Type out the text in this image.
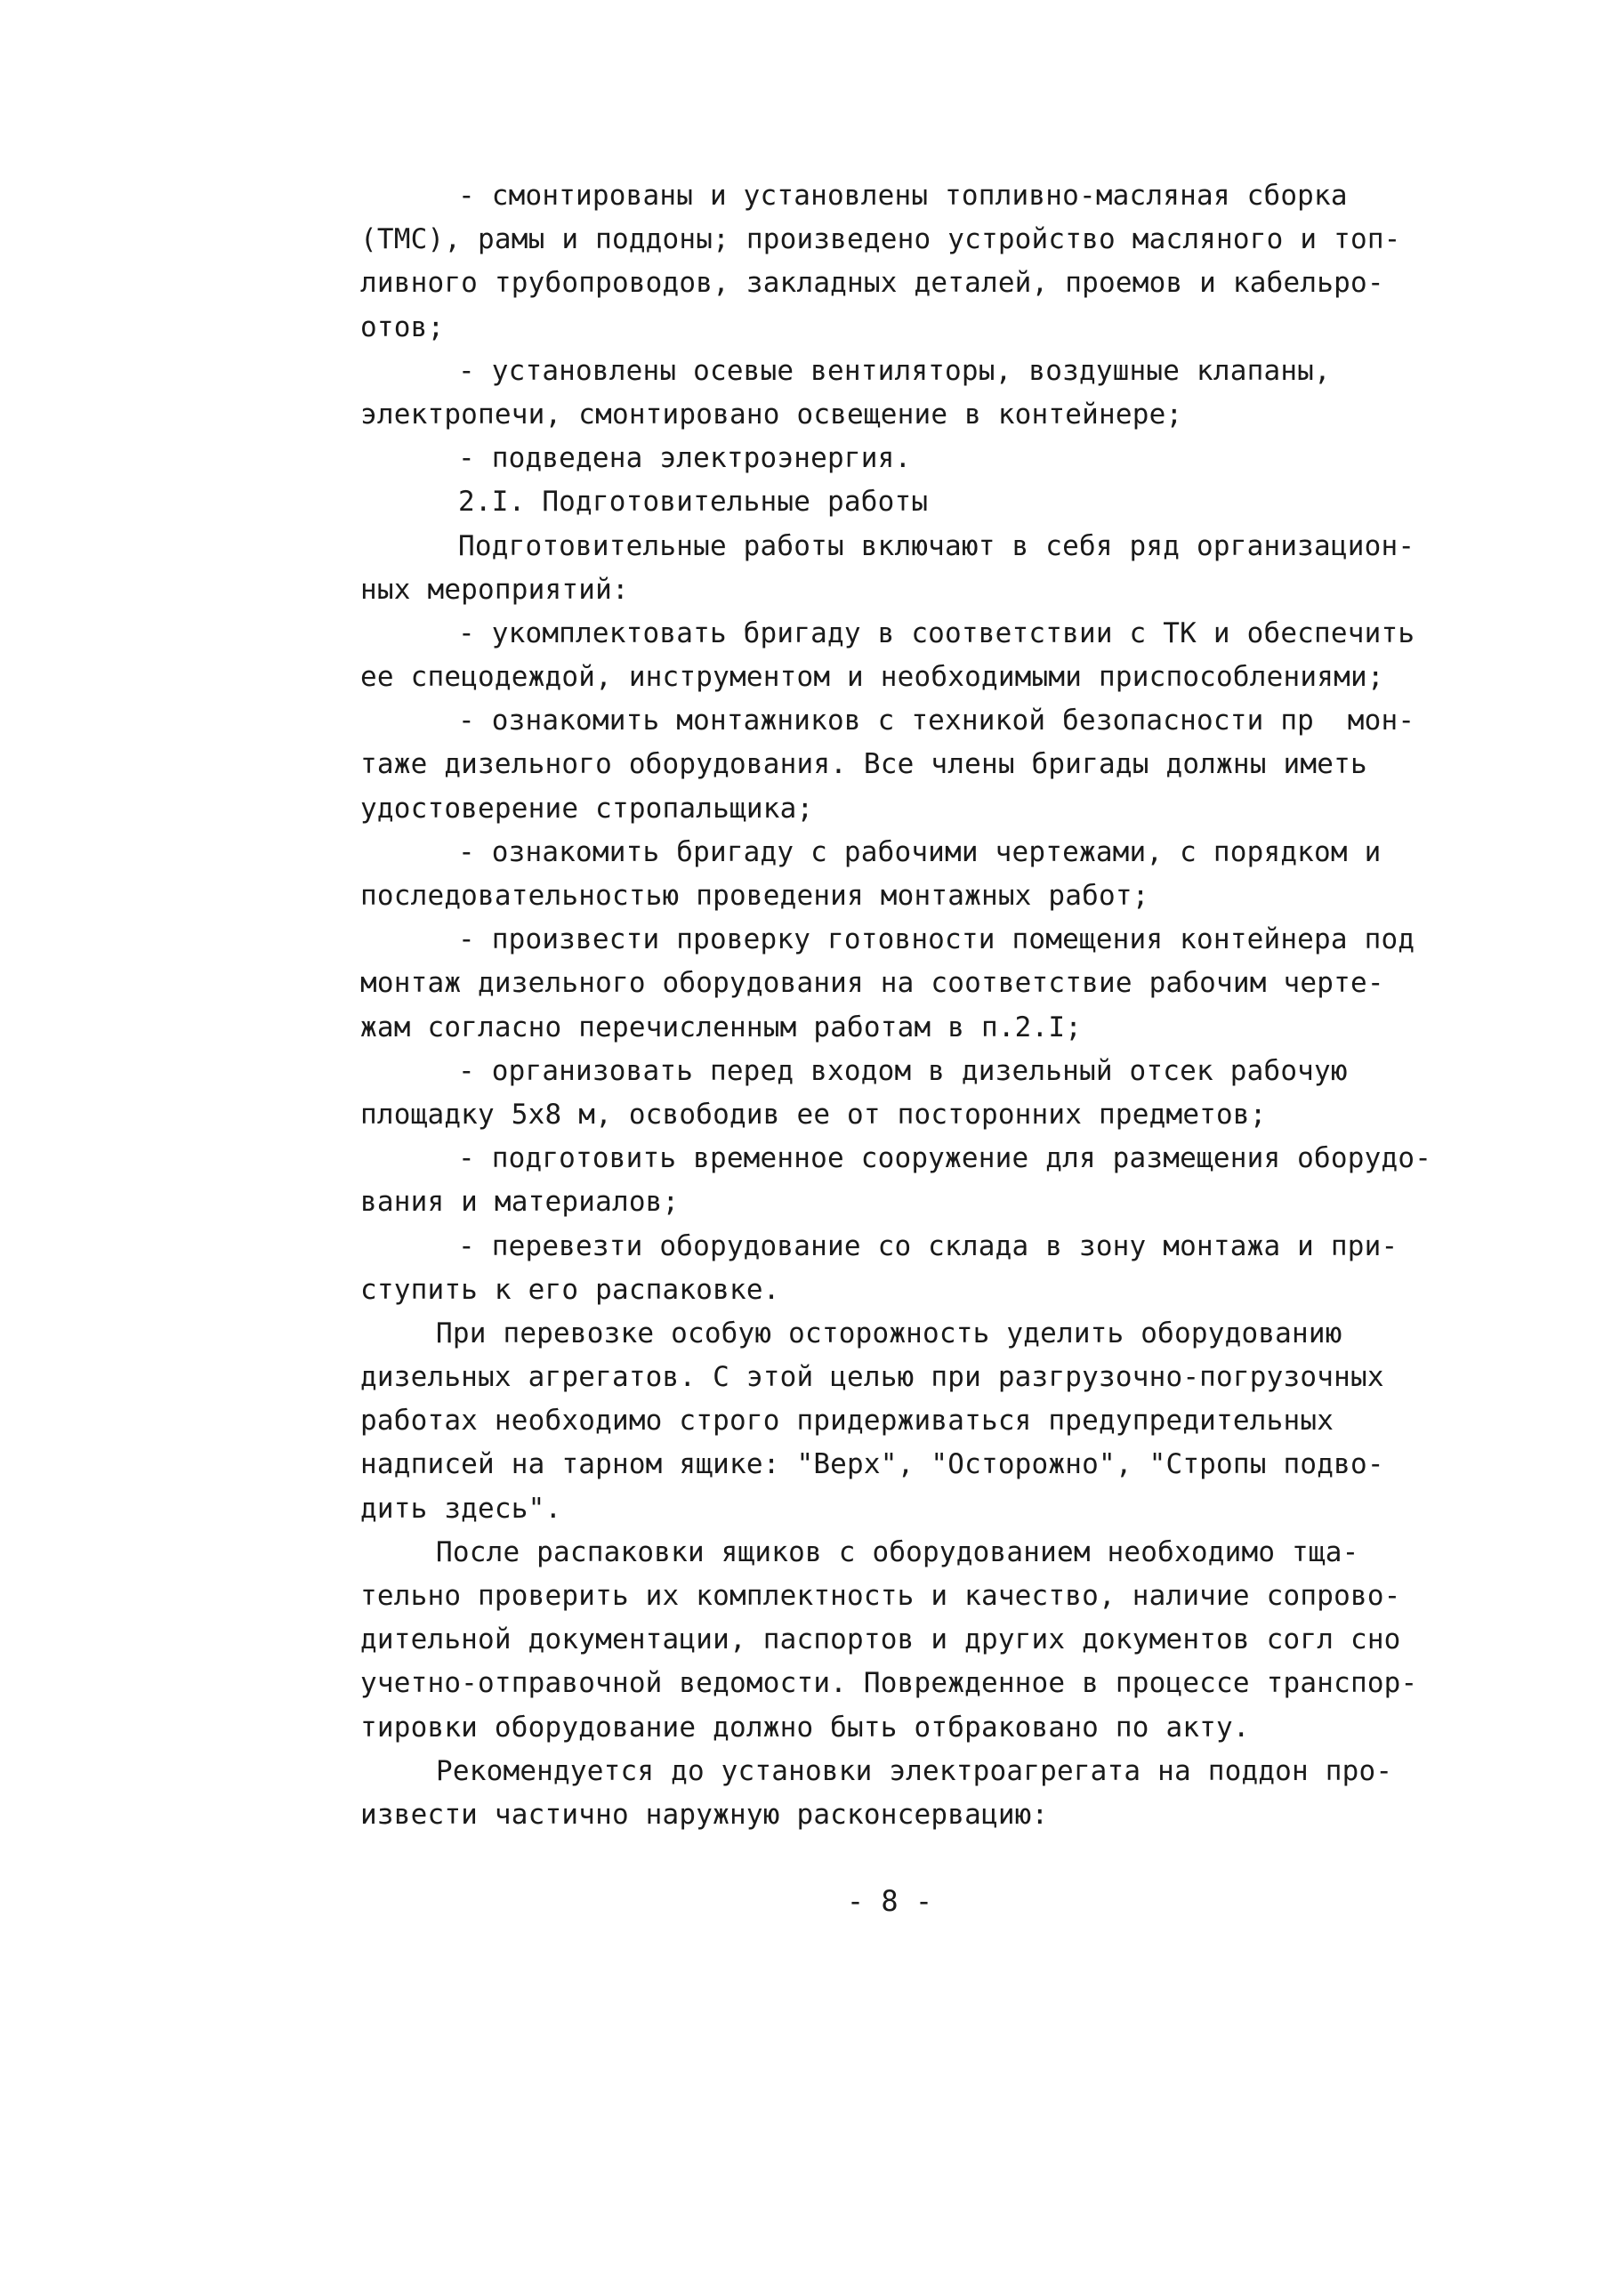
- смонтированы и установлены топливно-масляная сборка
(ТМС), рамы и поддоны; произведено устройство масляного и топ-
ливного трубопроводов, закладных деталей, проемов и кабельро-
отов;
- установлены осевые вентиляторы, воздушные клапаны,
электропечи, смонтировано освещение в контейнере;
- подведена электроэнергия.
2.I. Подготовительные работы
Подготовительные работы включают в себя ряд организацион-
ных мероприятий:
- укомплектовать бригаду в соответствии с ТК и обеспечить
ее спецодеждой, инструментом и необходимыми приспособлениями;
- ознакомить монтажников с техникой безопасности пр  мон-
таже дизельного оборудования. Все члены бригады должны иметь
удостоверение стропальщика;
- ознакомить бригаду с рабочими чертежами, с порядком и
последовательностью проведения монтажных работ;
- произвести проверку готовности помещения контейнера под
монтаж дизельного оборудования на соответствие рабочим черте-
жам согласно перечисленным работам в п.2.I;
- организовать перед входом в дизельный отсек рабочую
площадку 5х8 м, освободив ее от посторонних предметов;
- подготовить временное сооружение для размещения оборудо-
вания и материалов;
- перевезти оборудование со склада в зону монтажа и при-
ступить к его распаковке.
При перевозке особую осторожность уделить оборудованию
дизельных агрегатов. С этой целью при разгрузочно-погрузочных
работах необходимо строго придерживаться предупредительных
надписей на тарном ящике: "Верх", "Осторожно", "Стропы подво-
дить здесь".
После распаковки ящиков с оборудованием необходимо тща-
тельно проверить их комплектность и качество, наличие сопрово-
дительной документации, паспортов и других документов согл сно
учетно-отправочной ведомости. Поврежденное в процессе транспор-
тировки оборудование должно быть отбраковано по акту.
Рекомендуется до установки электроагрегата на поддон про-
извести частично наружную расконсервацию:
- 8 -
